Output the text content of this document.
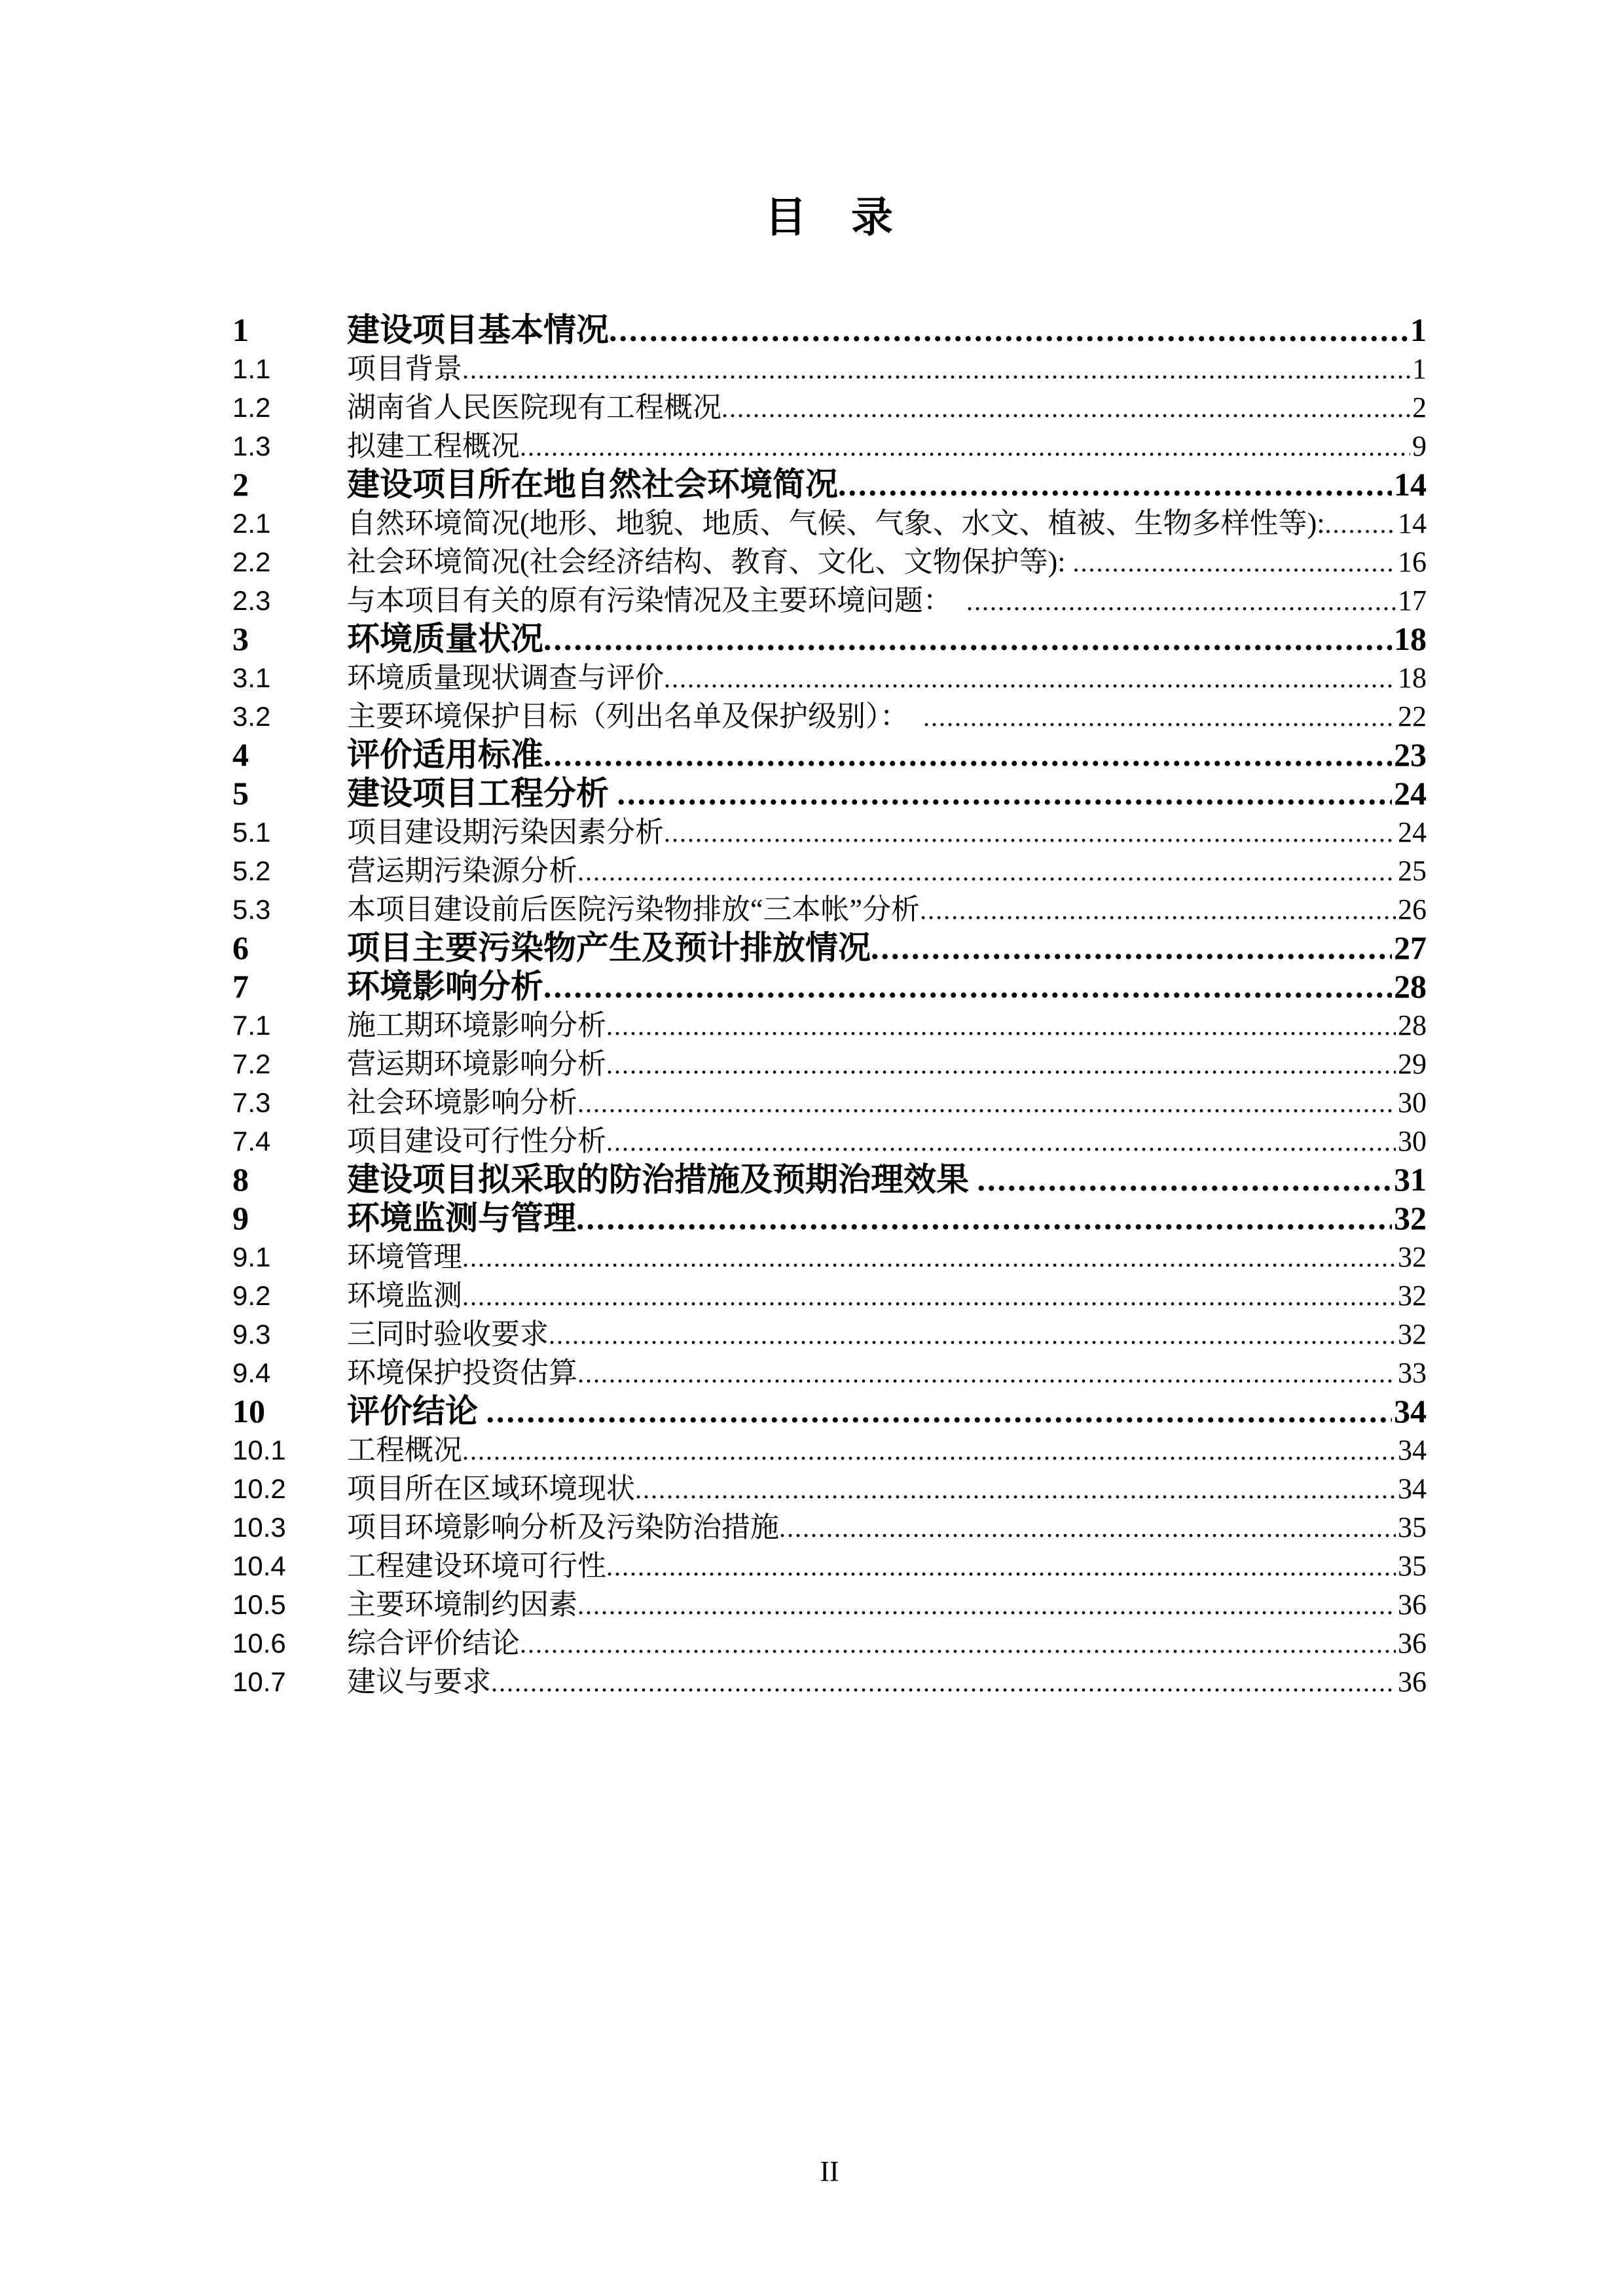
目　录
1	建设项目基本情况 .....	1
1.1	项目背景 .....	1
1.2	湖南省人民医院现有工程概况 .....	2
1.3	拟建工程概况 .....	9
2	建设项目所在地自然社会环境简况 .....	14
2.1	自然环境简况(地形、地貌、地质、气候、气象、水文、植被、生物多样性等): .....	14
2.2	社会环境简况(社会经济结构、教育、文化、文物保护等): .....	16
2.3	与本项目有关的原有污染情况及主要环境问题： .....	17
3	环境质量状况 .....	18
3.1	环境质量现状调查与评价 .....	18
3.2	主要环境保护目标（列出名单及保护级别）： .....	22
4	评价适用标准 .....	23
5	建设项目工程分析 .....	24
5.1	项目建设期污染因素分析 .....	24
5.2	营运期污染源分析 .....	25
5.3	本项目建设前后医院污染物排放“三本帐”分析 .....	26
6	项目主要污染物产生及预计排放情况 .....	27
7	环境影响分析 .....	28
7.1	施工期环境影响分析 .....	28
7.2	营运期环境影响分析 .....	29
7.3	社会环境影响分析 .....	30
7.4	项目建设可行性分析 .....	30
8	建设项目拟采取的防治措施及预期治理效果 .....	31
9	环境监测与管理 .....	32
9.1	环境管理 .....	32
9.2	环境监测 .....	32
9.3	三同时验收要求 .....	32
9.4	环境保护投资估算 .....	33
10	评价结论 .....	34
10.1	工程概况 .....	34
10.2	项目所在区域环境现状 .....	34
10.3	项目环境影响分析及污染防治措施 .....	35
10.4	工程建设环境可行性 .....	35
10.5	主要环境制约因素 .....	36
10.6	综合评价结论 .....	36
10.7	建议与要求 .....	36
II
